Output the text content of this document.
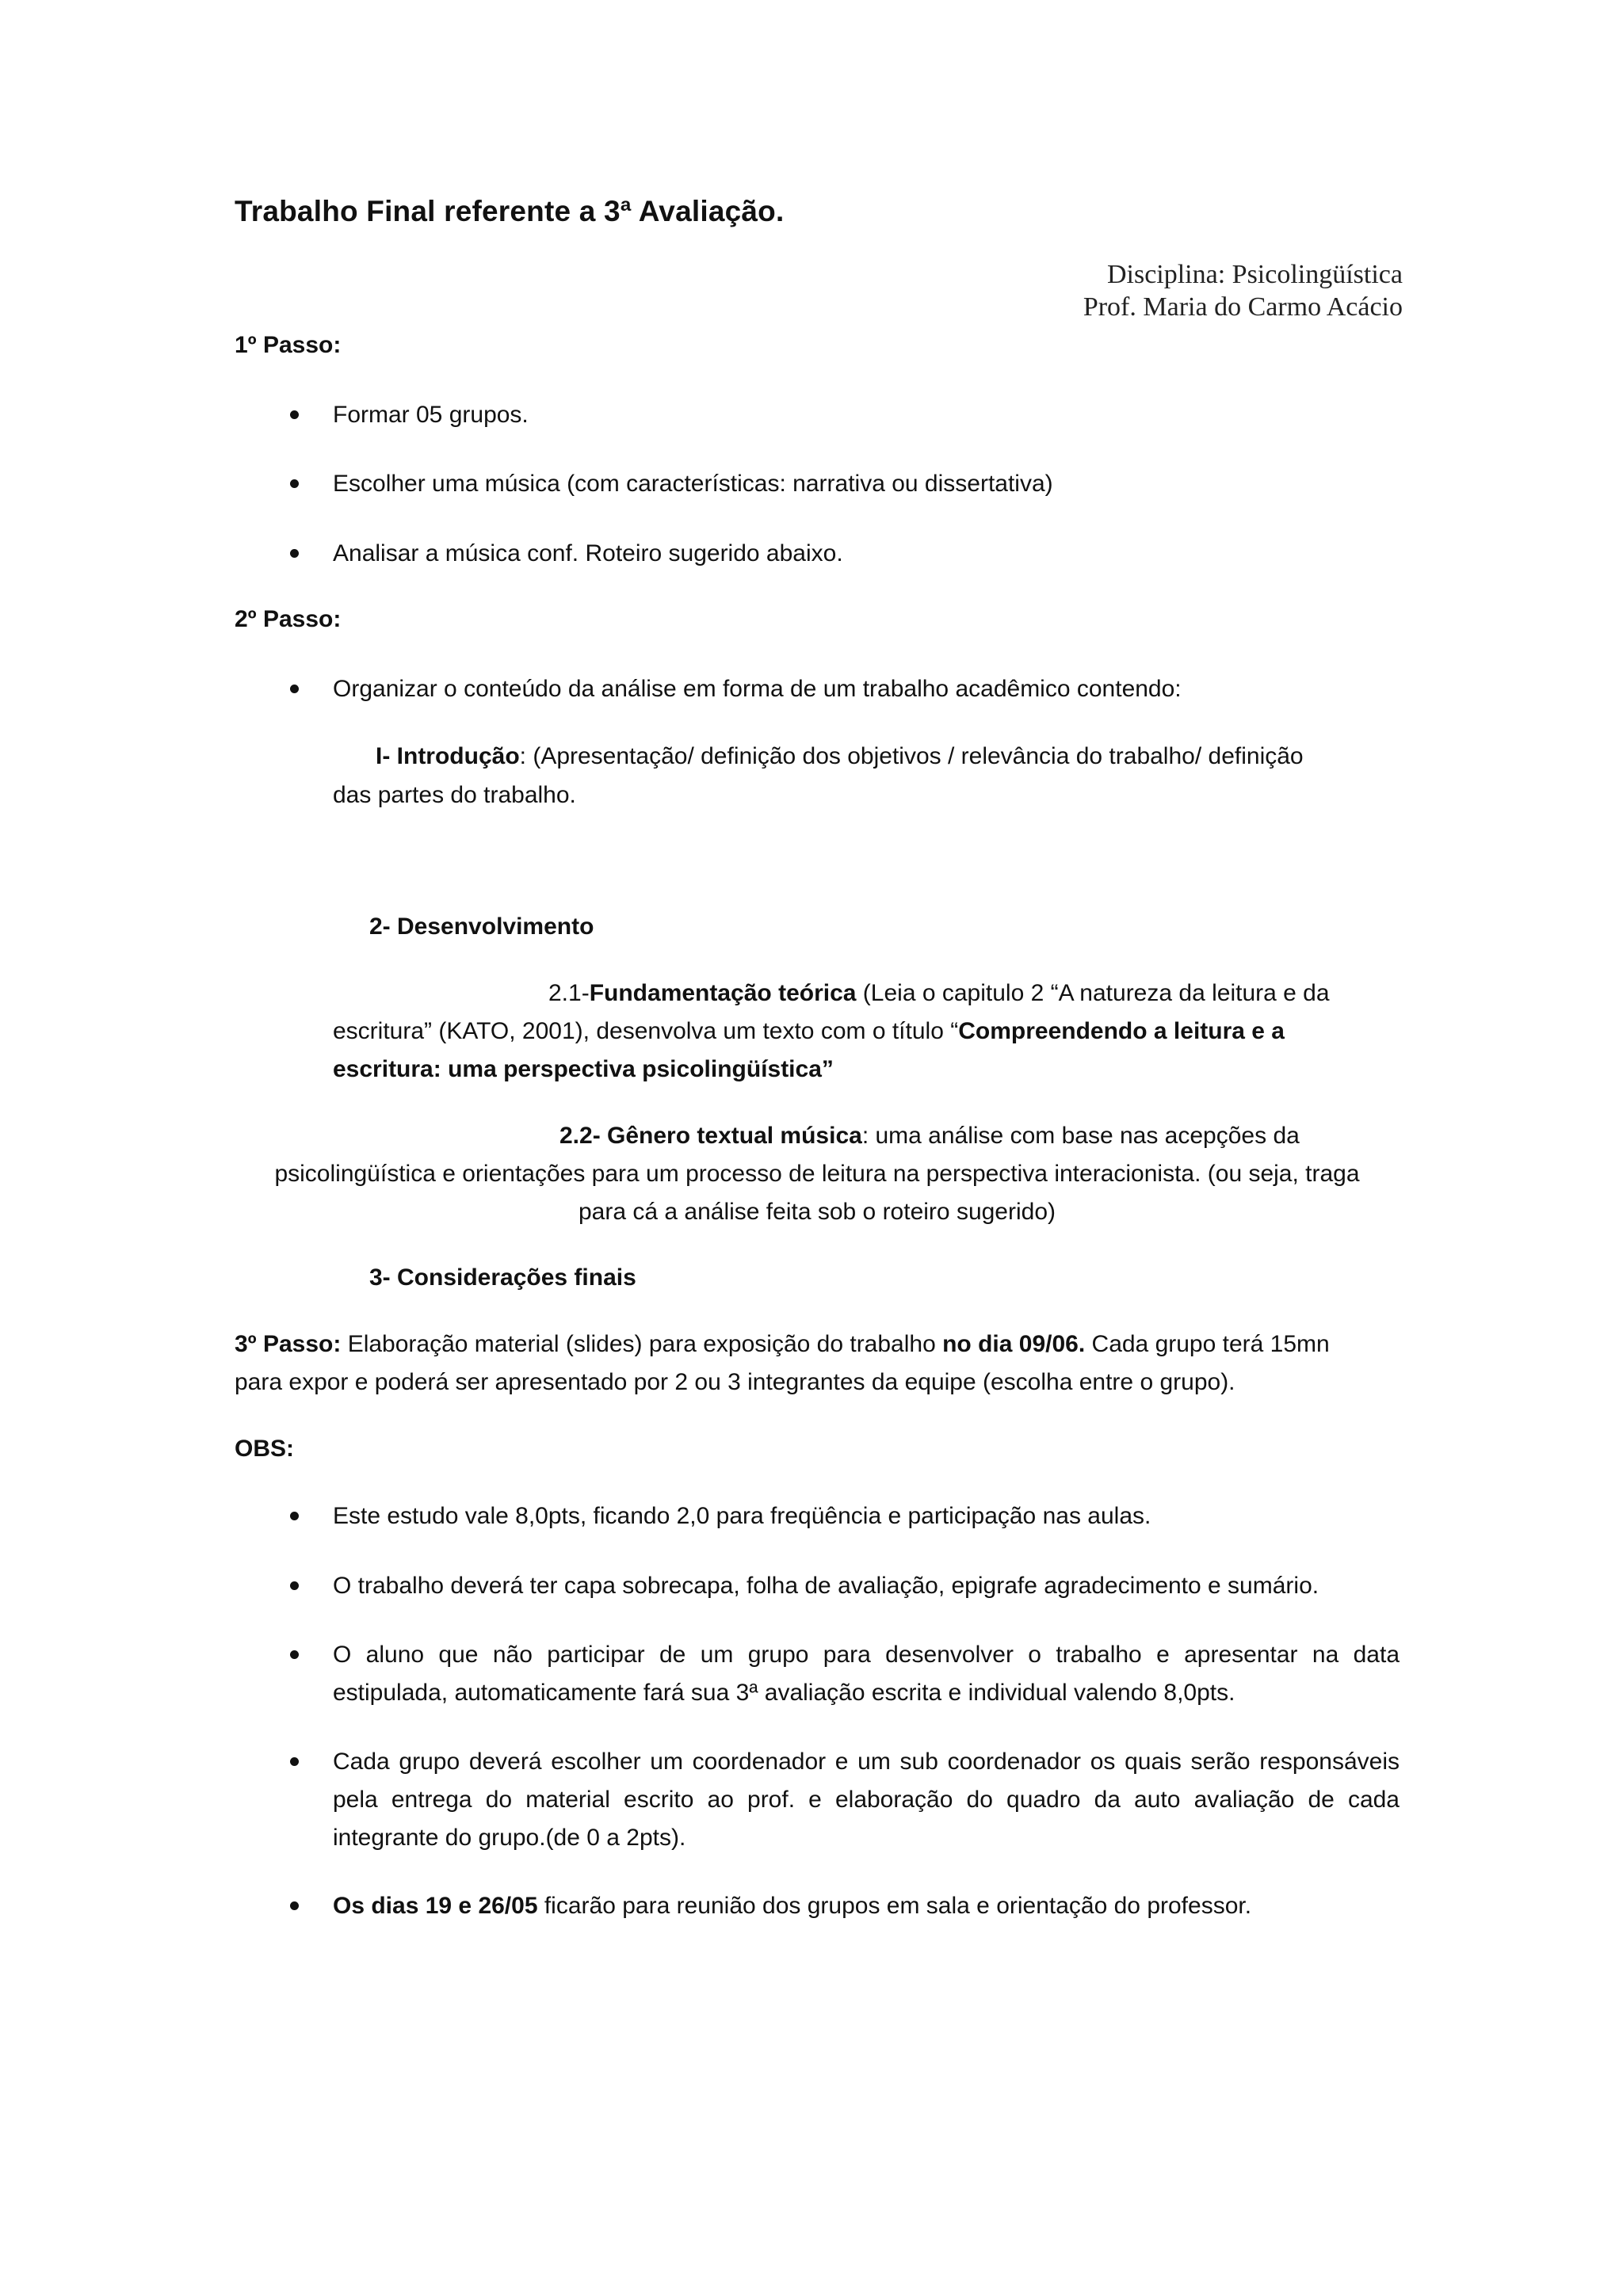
Trabalho Final referente a 3ª Avaliação.
Disciplina: Psicolingüística
Prof. Maria do Carmo Acácio
1º Passo:
Formar 05 grupos.
Escolher uma música (com características: narrativa ou dissertativa)
Analisar a música conf. Roteiro sugerido abaixo.
2º Passo:
Organizar o conteúdo da análise em forma de um trabalho acadêmico contendo:
I- Introdução: (Apresentação/ definição dos objetivos / relevância do trabalho/ definição
das partes do trabalho.
2- Desenvolvimento
2.1-Fundamentação teórica (Leia o capitulo 2 “A natureza da leitura e da
escritura” (KATO, 2001), desenvolva um texto com o título “Compreendendo a leitura e a
escritura: uma perspectiva psicolingüística”
2.2- Gênero textual música: uma análise com base nas acepções da
psicolingüística e orientações para um processo de leitura na perspectiva interacionista. (ou seja, traga
para cá a análise feita sob o roteiro sugerido)
3- Considerações finais
3º Passo: Elaboração material (slides) para exposição do trabalho no dia 09/06. Cada grupo terá 15mn
para expor e poderá ser apresentado por 2 ou 3 integrantes da equipe (escolha entre o grupo).
OBS:
Este estudo vale 8,0pts, ficando 2,0 para freqüência e participação nas aulas.
O trabalho deverá ter capa sobrecapa, folha de avaliação, epigrafe agradecimento e sumário.
O aluno que não participar de um grupo para desenvolver o trabalho e apresentar na data estipulada, automaticamente fará sua 3ª avaliação escrita e individual valendo 8,0pts.
Cada grupo deverá escolher um coordenador e um sub coordenador os quais serão responsáveis pela entrega do material escrito ao prof. e elaboração do quadro da auto avaliação de cada integrante do grupo.(de 0 a 2pts).
Os dias 19 e 26/05 ficarão para reunião dos grupos em sala e orientação do professor.
